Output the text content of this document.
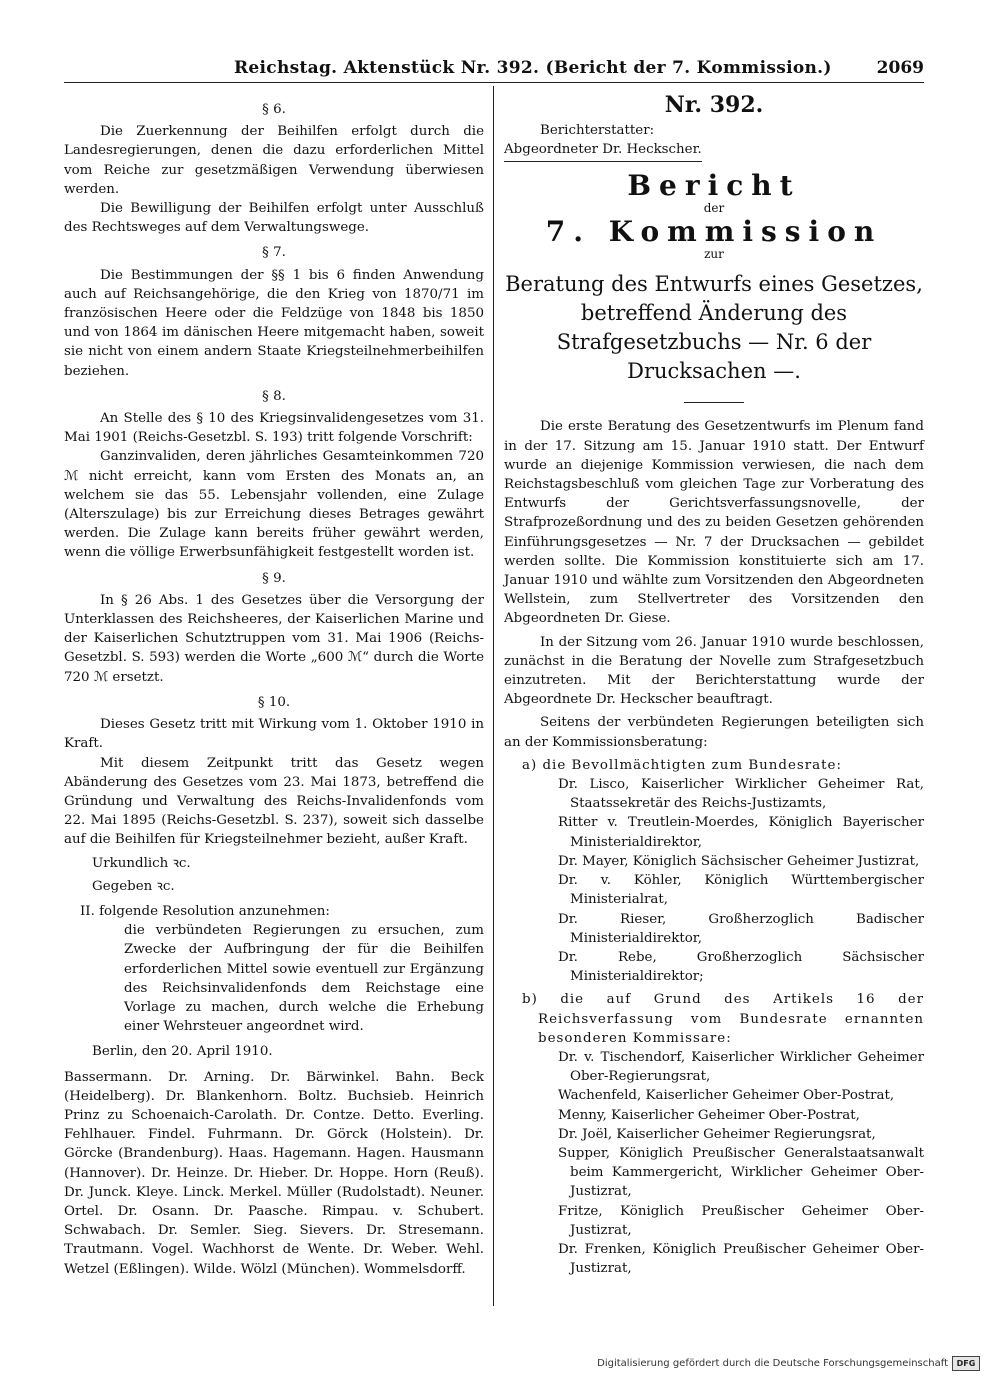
Reichstag. Aktenstück Nr. 392. (Bericht der 7. Kommission.)	2069
§ 6.

Die Zuerkennung der Beihilfen erfolgt durch die Landesregierungen, denen die dazu erforderlichen Mittel vom Reiche zur gesetzmäßigen Verwendung überwiesen werden.

Die Bewilligung der Beihilfen erfolgt unter Ausschluß des Rechtsweges auf dem Verwaltungswege.

§ 7.

Die Bestimmungen der §§ 1 bis 6 finden Anwendung auch auf Reichsangehörige, die den Krieg von 1870/71 im französischen Heere oder die Feldzüge von 1848 bis 1850 und von 1864 im dänischen Heere mitgemacht haben, soweit sie nicht von einem andern Staate Kriegsteilnehmerbeihilfen beziehen.

§ 8.

An Stelle des § 10 des Kriegsinvalidengesetzes vom 31. Mai 1901 (Reichs-Gesetzbl. S. 193) tritt folgende Vorschrift:

Ganzinvaliden, deren jährliches Gesamteinkommen 720 ℳ nicht erreicht, kann vom Ersten des Monats an, an welchem sie das 55. Lebensjahr vollenden, eine Zulage (Alterszulage) bis zur Erreichung dieses Betrages gewährt werden. Die Zulage kann bereits früher gewährt werden, wenn die völlige Erwerbsunfähigkeit festgestellt worden ist.

§ 9.

In § 26 Abs. 1 des Gesetzes über die Versorgung der Unterklassen des Reichsheeres, der Kaiserlichen Marine und der Kaiserlichen Schutztruppen vom 31. Mai 1906 (Reichs-Gesetzbl. S. 593) werden die Worte „600 ℳ“ durch die Worte 720 ℳ ersetzt.

§ 10.

Dieses Gesetz tritt mit Wirkung vom 1. Oktober 1910 in Kraft.

Mit diesem Zeitpunkt tritt das Gesetz wegen Abänderung des Gesetzes vom 23. Mai 1873, betreffend die Gründung und Verwaltung des Reichs-Invalidenfonds vom 22. Mai 1895 (Reichs-Gesetzbl. S. 237), soweit sich dasselbe auf die Beihilfen für Kriegsteilnehmer bezieht, außer Kraft.

Urkundlich ꝛc.

Gegeben ꝛc.

II. folgende Resolution anzunehmen:

die verbündeten Regierungen zu ersuchen, zum Zwecke der Aufbringung der für die Beihilfen erforderlichen Mittel sowie eventuell zur Ergänzung des Reichsinvalidenfonds dem Reichstage eine Vorlage zu machen, durch welche die Erhebung einer Wehrsteuer angeordnet wird.

Berlin, den 20. April 1910.

Bassermann. Dr. Arning. Dr. Bärwinkel. Bahn. Beck (Heidelberg). Dr. Blankenhorn. Boltz. Buchsieb. Heinrich Prinz zu Schoenaich-Carolath. Dr. Contze. Detto. Everling. Fehlhauer. Findel. Fuhrmann. Dr. Görck (Holstein). Dr. Görcke (Brandenburg). Haas. Hagemann. Hagen. Hausmann (Hannover). Dr. Heinze. Dr. Hieber. Dr. Hoppe. Horn (Reuß). Dr. Junck. Kleye. Linck. Merkel. Müller (Rudolstadt). Neuner. Ortel. Dr. Osann. Dr. Paasche. Rimpau. v. Schubert. Schwabach. Dr. Semler. Sieg. Sievers. Dr. Stresemann. Trautmann. Vogel. Wachhorst de Wente. Dr. Weber. Wehl. Wetzel (Eßlingen). Wilde. Wölzl (München). Wommelsdorff.

Nr. 392.
Berichterstatter:
Abgeordneter Dr. Heckscher.
Bericht
der
7. Kommission
zur
Beratung des Entwurfs eines Gesetzes, betreffend Änderung des Strafgesetzbuchs — Nr. 6 der Drucksachen —.

Die erste Beratung des Gesetzentwurfs im Plenum fand in der 17. Sitzung am 15. Januar 1910 statt. Der Entwurf wurde an diejenige Kommission verwiesen, die nach dem Reichstagsbeschluß vom gleichen Tage zur Vorberatung des Entwurfs der Gerichtsverfassungsnovelle, der Strafprozeßordnung und des zu beiden Gesetzen gehörenden Einführungsgesetzes — Nr. 7 der Drucksachen — gebildet werden sollte. Die Kommission konstituierte sich am 17. Januar 1910 und wählte zum Vorsitzenden den Abgeordneten Wellstein, zum Stellvertreter des Vorsitzenden den Abgeordneten Dr. Giese.

In der Sitzung vom 26. Januar 1910 wurde beschlossen, zunächst in die Beratung der Novelle zum Strafgesetzbuch einzutreten. Mit der Berichterstattung wurde der Abgeordnete Dr. Heckscher beauftragt.

Seitens der verbündeten Regierungen beteiligten sich an der Kommissionsberatung:

a) die Bevollmächtigten zum Bundesrate:

Dr. Lisco, Kaiserlicher Wirklicher Geheimer Rat, Staatssekretär des Reichs-Justizamts,

Ritter v. Treutlein-Moerdes, Königlich Bayerischer Ministerialdirektor,

Dr. Mayer, Königlich Sächsischer Geheimer Justizrat,

Dr. v. Köhler, Königlich Württembergischer Ministerialrat,

Dr. Rieser, Großherzoglich Badischer Ministerialdirektor,

Dr. Rebe, Großherzoglich Sächsischer Ministerialdirektor;

b) die auf Grund des Artikels 16 der Reichsverfassung vom Bundesrate ernannten besonderen Kommissare:

Dr. v. Tischendorf, Kaiserlicher Wirklicher Geheimer Ober-Regierungsrat,

Wachenfeld, Kaiserlicher Geheimer Ober-Postrat,

Menny, Kaiserlicher Geheimer Ober-Postrat,

Dr. Joël, Kaiserlicher Geheimer Regierungsrat,

Supper, Königlich Preußischer Generalstaatsanwalt beim Kammergericht, Wirklicher Geheimer Ober-Justizrat,

Fritze, Königlich Preußischer Geheimer Ober-Justizrat,

Dr. Frenken, Königlich Preußischer Geheimer Ober-Justizrat,

Digitalisierung gefördert durch die Deutsche Forschungsgemeinschaft	DFG
